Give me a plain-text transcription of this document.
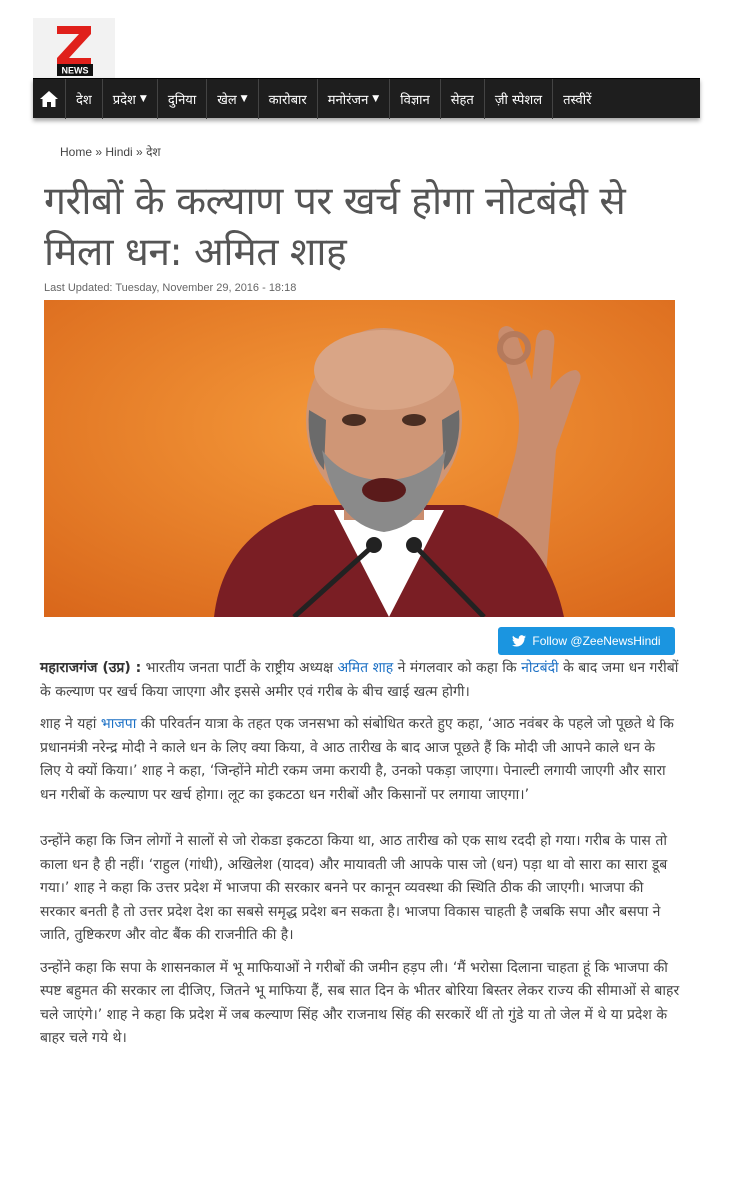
NEWS
देश प्रदेश ▼ दुनिया खेल ▼ कारोबार मनोरंजन ▼ विज्ञान सेहत ज़ी स्पेशल तस्वीरें
Home » Hindi » देश
गरीबों के कल्याण पर खर्च होगा नोटबंदी से मिला धन: अमित शाह
Last Updated: Tuesday, November 29, 2016 - 18:18
Follow @ZeeNewsHindi

महाराजगंज (उप्र) : भारतीय जनता पार्टी के राष्ट्रीय अध्यक्ष अमित शाह ने मंगलवार को कहा कि नोटबंदी के बाद जमा धन गरीबों के कल्याण पर खर्च किया जाएगा और इससे अमीर एवं गरीब के बीच खाई खत्म होगी।

शाह ने यहां भाजपा की परिवर्तन यात्रा के तहत एक जनसभा को संबोधित करते हुए कहा, ‘आठ नवंबर के पहले जो पूछते थे कि प्रधानमंत्री नरेन्द्र मोदी ने काले धन के लिए क्या किया, वे आठ तारीख के बाद आज पूछते हैं कि मोदी जी आपने काले धन के लिए ये क्यों किया।’ शाह ने कहा, ‘जिन्होंने मोटी रकम जमा करायी है, उनको पकड़ा जाएगा। पेनाल्टी लगायी जाएगी और सारा धन गरीबों के कल्याण पर खर्च होगा। लूट का इकटठा धन गरीबों और किसानों पर लगाया जाएगा।’

उन्होंने कहा कि जिन लोगों ने सालों से जो रोकडा इकटठा किया था, आठ तारीख को एक साथ रददी हो गया। गरीब के पास तो काला धन है ही नहीं। ‘राहुल (गांधी), अखिलेश (यादव) और मायावती जी आपके पास जो (धन) पड़ा था वो सारा का सारा डूब गया।’ शाह ने कहा कि उत्तर प्रदेश में भाजपा की सरकार बनने पर कानून व्यवस्था की स्थिति ठीक की जाएगी। भाजपा की सरकार बनती है तो उत्तर प्रदेश देश का सबसे समृद्ध प्रदेश बन सकता है। भाजपा विकास चाहती है जबकि सपा और बसपा ने जाति, तुष्टिकरण और वोट बैंक की राजनीति की है।

उन्होंने कहा कि सपा के शासनकाल में भू माफियाओं ने गरीबों की जमीन हड़प ली। ‘मैं भरोसा दिलाना चाहता हूं कि भाजपा की स्पष्ट बहुमत की सरकार ला दीजिए, जितने भू माफिया हैं, सब सात दिन के भीतर बोरिया बिस्तर लेकर राज्य की सीमाओं से बाहर चले जाएंगे।’ शाह ने कहा कि प्रदेश में जब कल्याण सिंह और राजनाथ सिंह की सरकारें थीं तो गुंडे या तो जेल में थे या प्रदेश के बाहर चले गये थे।
